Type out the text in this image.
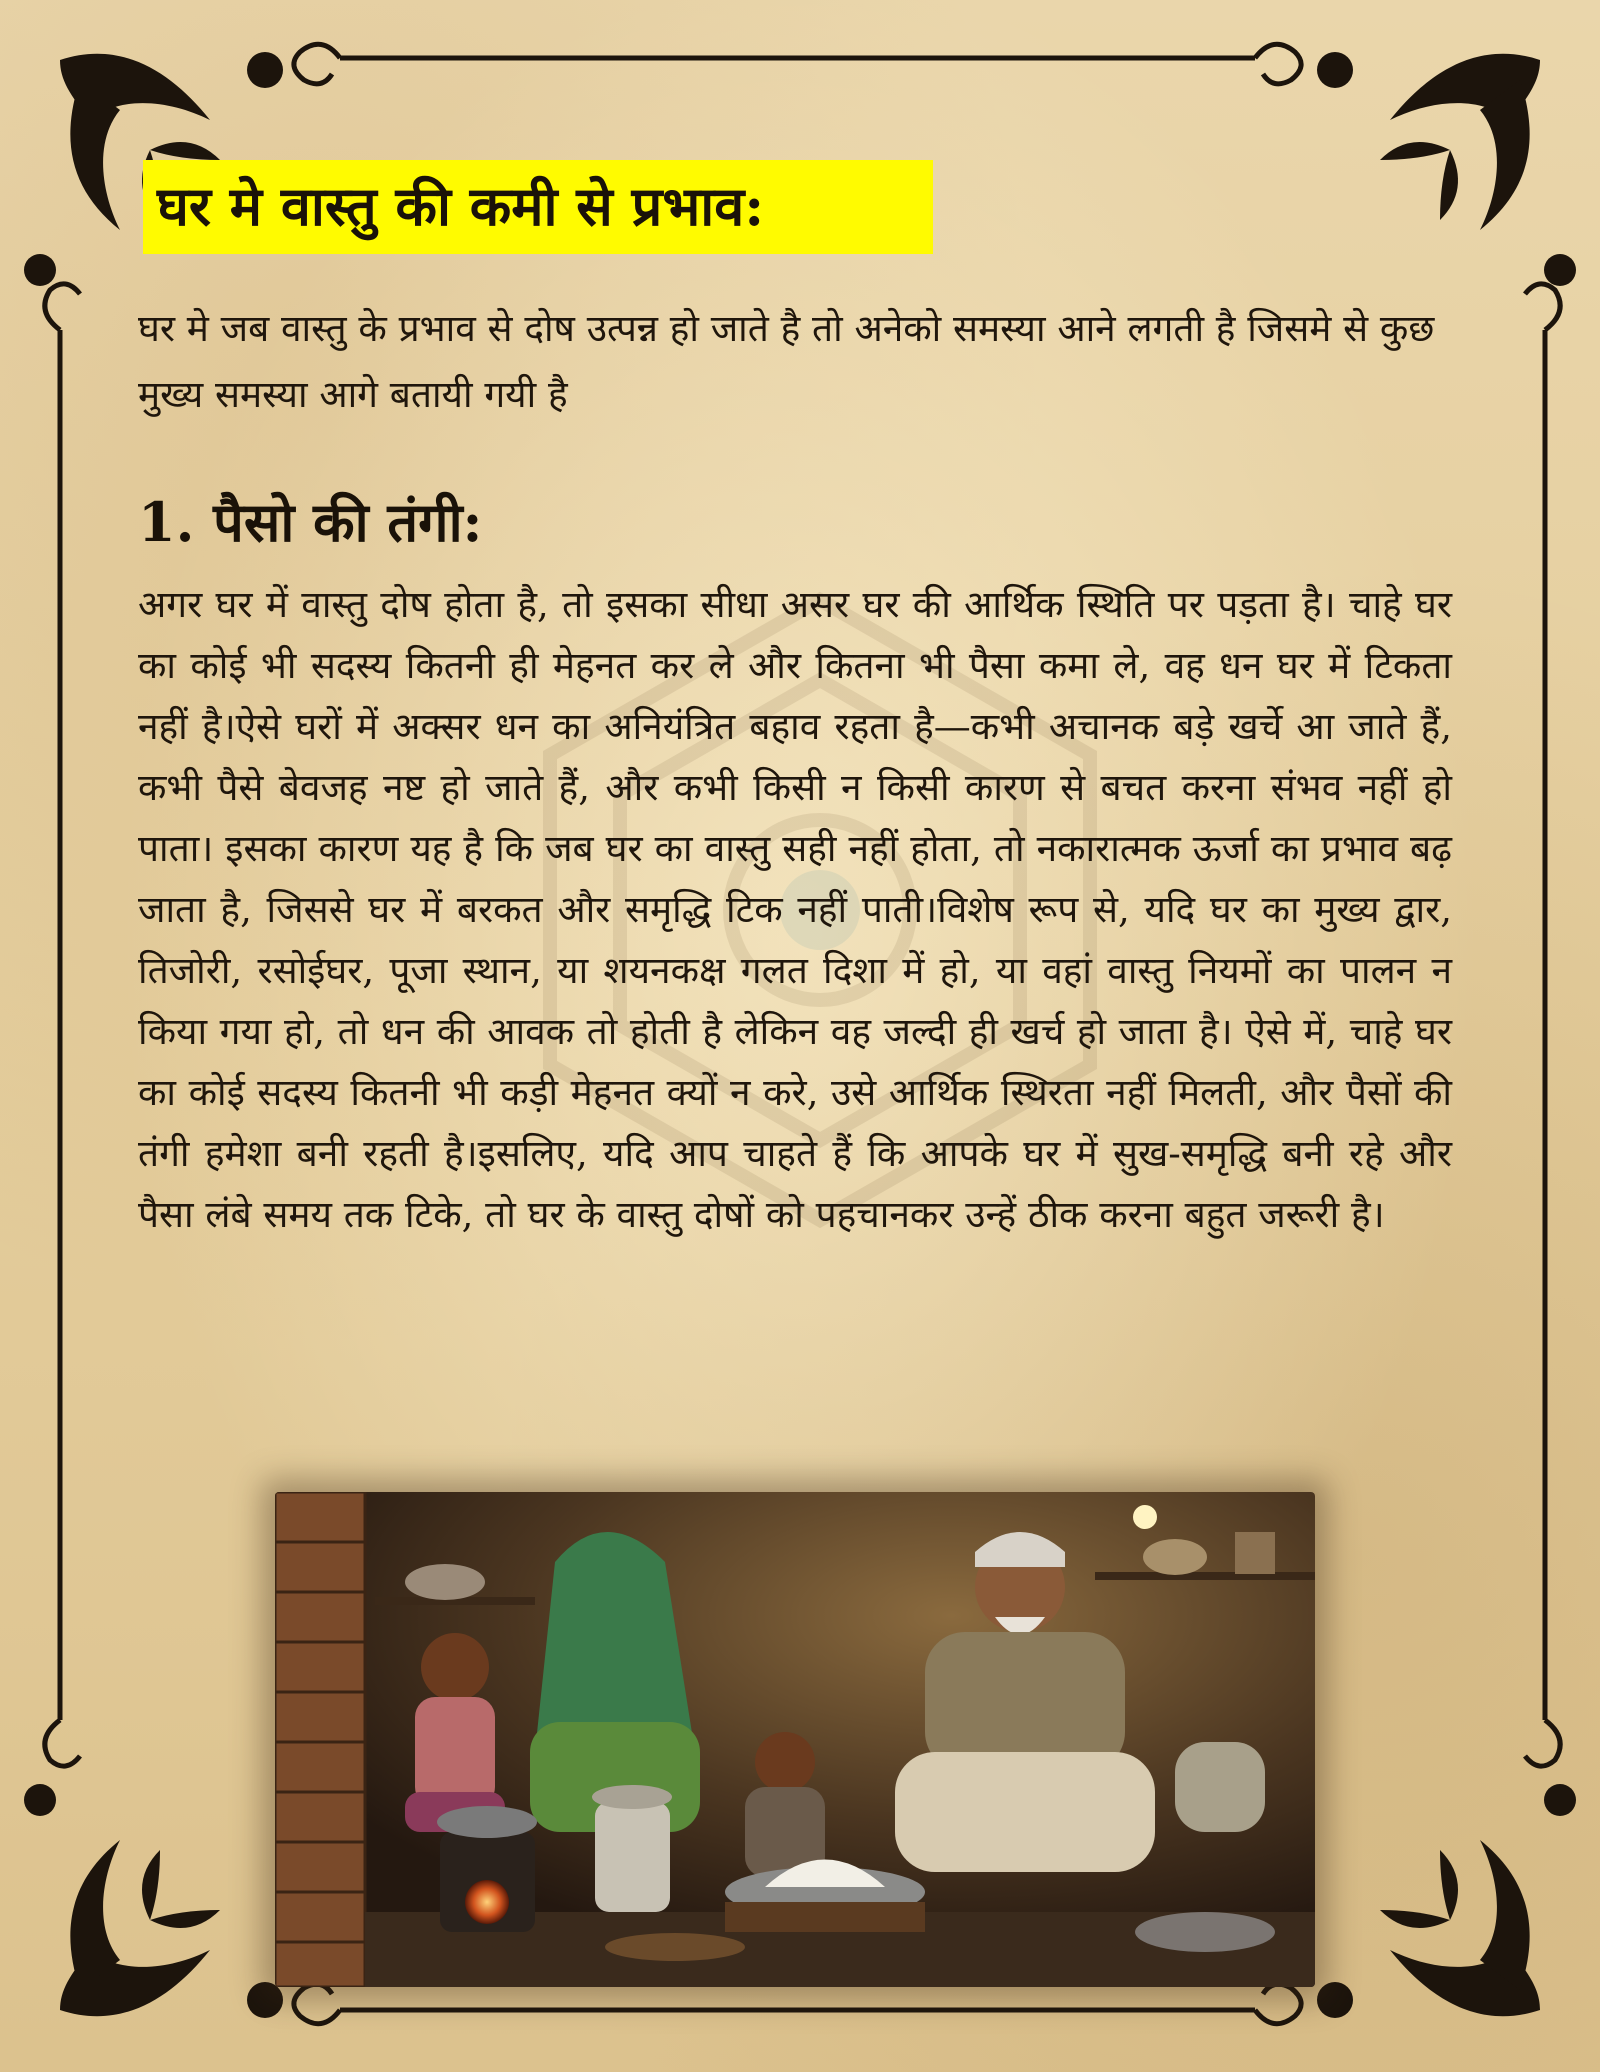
घर मे वास्तु की कमी से प्रभाव:
घर मे जब वास्तु के प्रभाव से दोष उत्पन्न हो जाते है तो अनेको समस्या आने लगती है जिसमे से कुछ मुख्य समस्या आगे बतायी गयी है
1. पैसो की तंगी:
अगर घर में वास्तु दोष होता है, तो इसका सीधा असर घर की आर्थिक स्थिति पर पड़ता है। चाहे घर का कोई भी सदस्य कितनी ही मेहनत कर ले और कितना भी पैसा कमा ले, वह धन घर में टिकता नहीं है।ऐसे घरों में अक्सर धन का अनियंत्रित बहाव रहता है—कभी अचानक बड़े खर्चे आ जाते हैं, कभी पैसे बेवजह नष्ट हो जाते हैं, और कभी किसी न किसी कारण से बचत करना संभव नहीं हो पाता। इसका कारण यह है कि जब घर का वास्तु सही नहीं होता, तो नकारात्मक ऊर्जा का प्रभाव बढ़ जाता है, जिससे घर में बरकत और समृद्धि टिक नहीं पाती।विशेष रूप से, यदि घर का मुख्य द्वार, तिजोरी, रसोईघर, पूजा स्थान, या शयनकक्ष गलत दिशा में हो, या वहां वास्तु नियमों का पालन न किया गया हो, तो धन की आवक तो होती है लेकिन वह जल्दी ही खर्च हो जाता है। ऐसे में, चाहे घर का कोई सदस्य कितनी भी कड़ी मेहनत क्यों न करे, उसे आर्थिक स्थिरता नहीं मिलती, और पैसों की तंगी हमेशा बनी रहती है।इसलिए, यदि आप चाहते हैं कि आपके घर में सुख-समृद्धि बनी रहे और पैसा लंबे समय तक टिके, तो घर के वास्तु दोषों को पहचानकर उन्हें ठीक करना बहुत जरूरी है।
